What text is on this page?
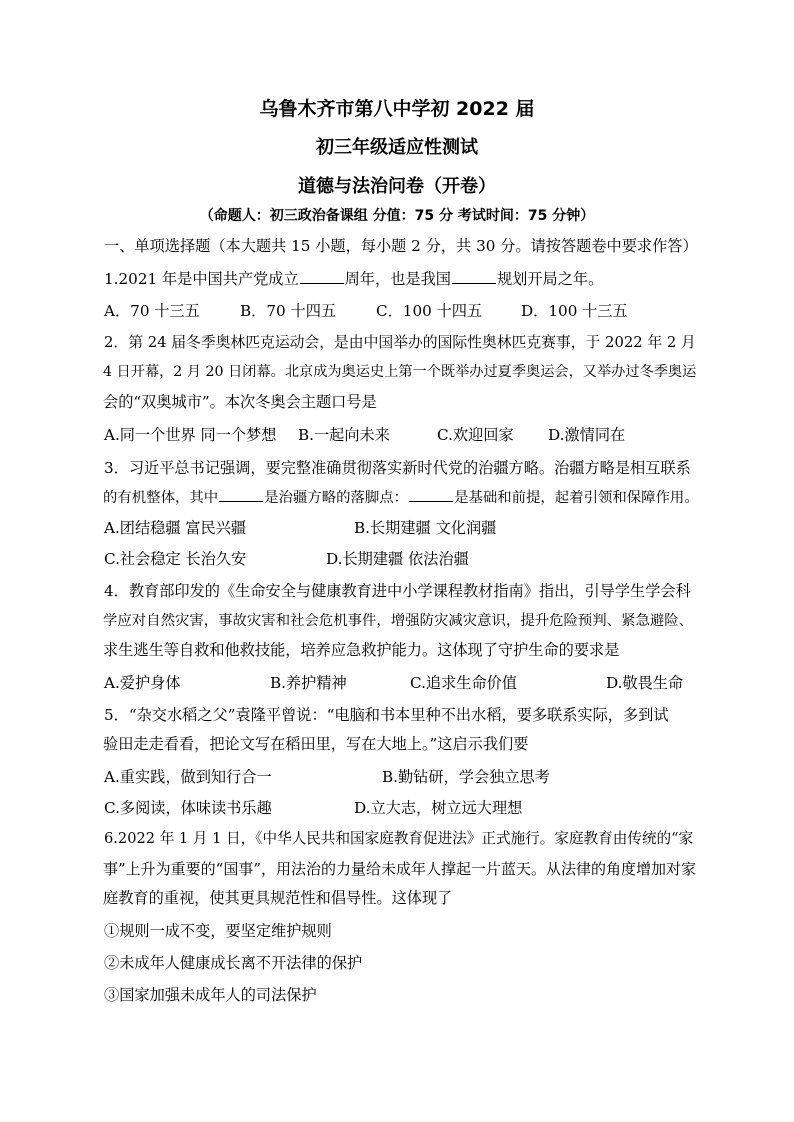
乌鲁木齐市第八中学初 2022 届
初三年级适应性测试
道德与法治问卷（开卷）
（命题人：初三政治备课组 分值：75 分 考试时间：75 分钟）
一、单项选择题（本大题共 15 小题，每小题 2 分，共 30 分。请按答题卷中要求作答）
1.2021 年是中国共产党成立	周年，也是我国	规划开局之年。
A．70 十三五	B．70 十四五	C．100 十四五	D．100 十三五
2．第 24 届冬季奥林匹克运动会，是由中国举办的国际性奥林匹克赛事，于 2022 年 2 月
4 日开幕，2 月 20 日闭幕。北京成为奥运史上第一个既举办过夏季奥运会，又举办过冬季奥运
会的“双奥城市”。本次冬奥会主题口号是
A.同一个世界 同一个梦想 B.一起向未来	C.欢迎回家 D.激情同在
3．习近平总书记强调，要完整准确贯彻落实新时代党的治疆方略。治疆方略是相互联系
的有机整体，其中	是治疆方略的落脚点：	是基础和前提，起着引领和保障作用。
A.团结稳疆 富民兴疆	B.长期建疆 文化润疆
C.社会稳定 长治久安	D.长期建疆 依法治疆
4．教育部印发的《生命安全与健康教育进中小学课程教材指南》指出，引导学生学会科
学应对自然灾害，事故灾害和社会危机事件，增强防灾减灾意识，提升危险预判、紧急避险、
求生逃生等自救和他救技能，培养应急救护能力。这体现了守护生命的要求是
A.爱护身体	B.养护精神	C.追求生命价值	D.敬畏生命
5．“杂交水稻之父”袁隆平曾说：“电脑和书本里种不出水稻，要多联系实际，多到试
验田走走看看，把论文写在稻田里，写在大地上。”这启示我们要
A.重实践，做到知行合一	B.勤钻研，学会独立思考
C.多阅读，体味读书乐趣	D.立大志，树立远大理想
6.2022 年 1 月 1 日，《中华人民共和国家庭教育促进法》正式施行。家庭教育由传统的“家
事”上升为重要的“国事”，用法治的力量给未成年人撑起一片蓝天。从法律的角度增加对家
庭教育的重视，使其更具规范性和倡导性。这体现了
①规则一成不变，要坚定维护规则
②未成年人健康成长离不开法律的保护
③国家加强未成年人的司法保护
